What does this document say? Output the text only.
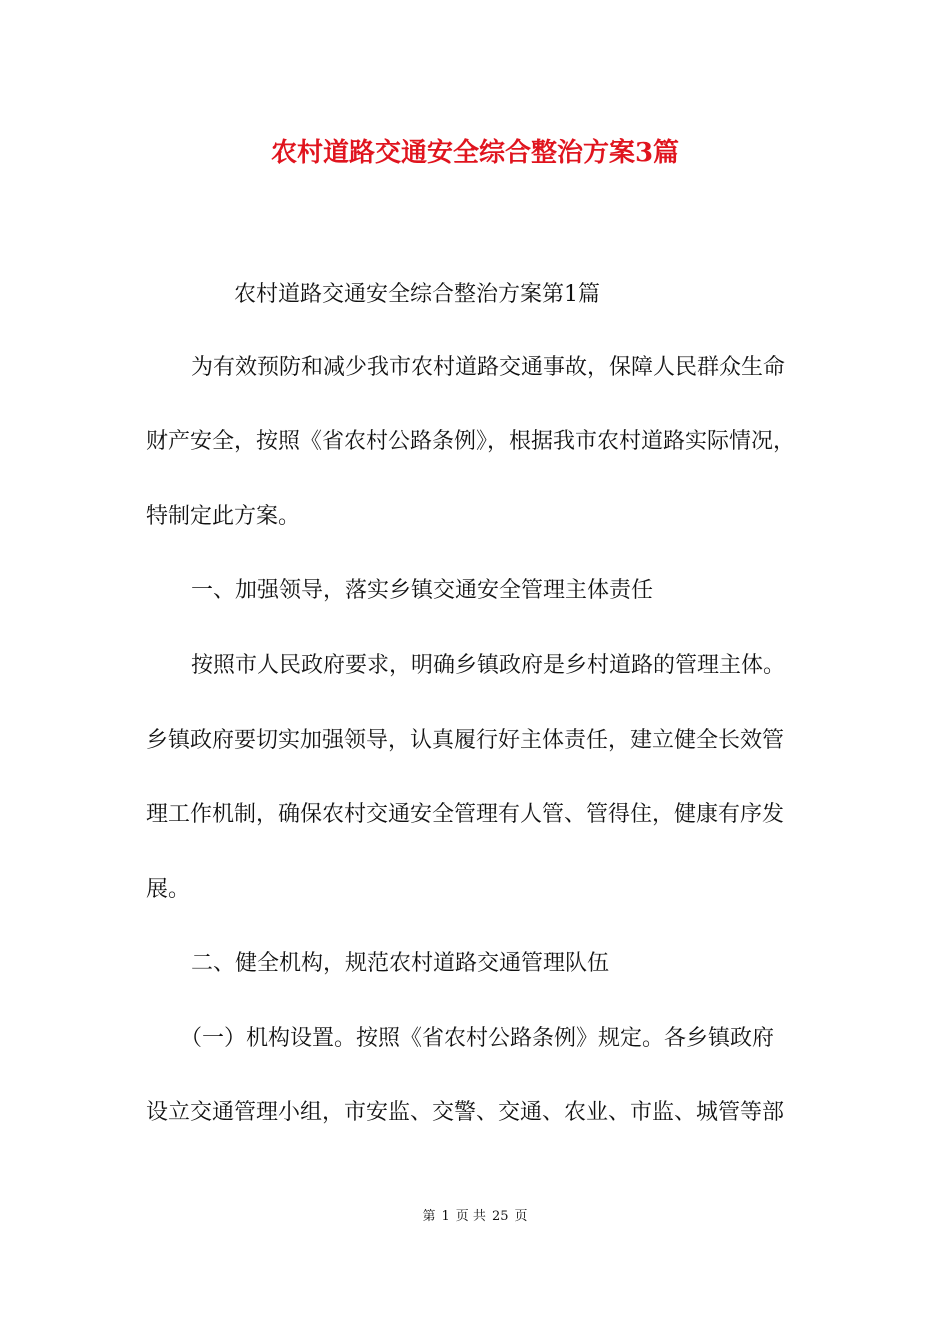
农村道路交通安全综合整治方案3篇
农村道路交通安全综合整治方案第1篇
为有效预防和减少我市农村道路交通事故，保障人民群众生命
财产安全，按照《省农村公路条例》，根据我市农村道路实际情况，
特制定此方案。
一、加强领导，落实乡镇交通安全管理主体责任
按照市人民政府要求，明确乡镇政府是乡村道路的管理主体。
乡镇政府要切实加强领导，认真履行好主体责任，建立健全长效管
理工作机制，确保农村交通安全管理有人管、管得住，健康有序发
展。
二、健全机构，规范农村道路交通管理队伍
（一）机构设置。按照《省农村公路条例》规定。各乡镇政府
设立交通管理小组，市安监、交警、交通、农业、市监、城管等部
第 1 页 共 25 页
